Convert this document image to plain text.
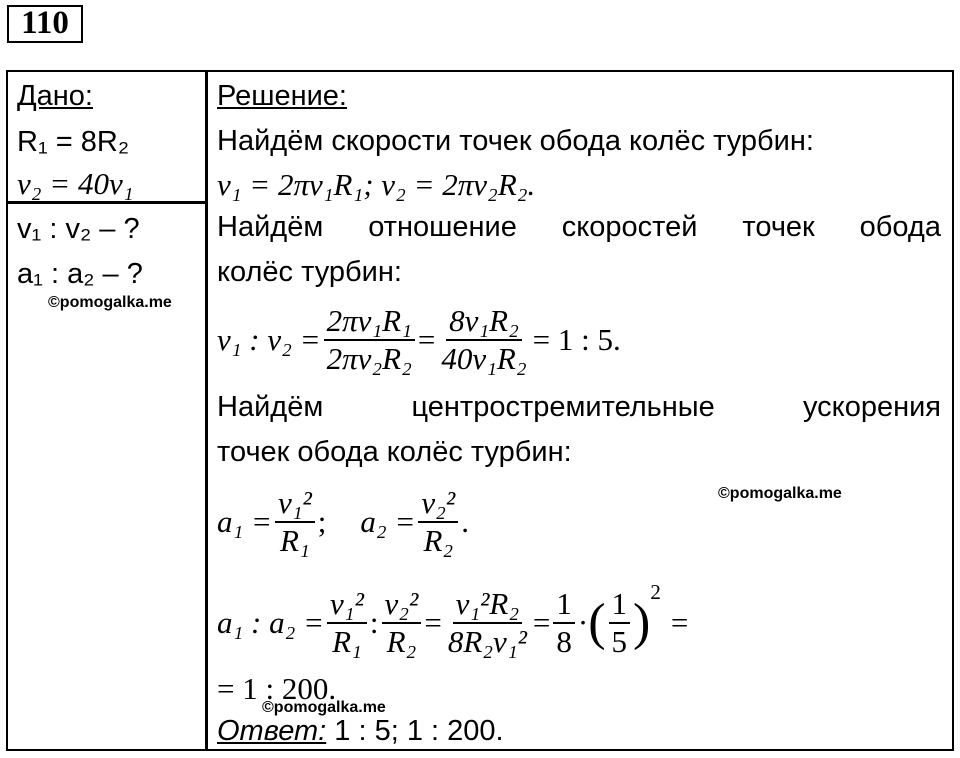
110
Дано:
R₁ = 8R₂
ν₂ = 40ν₁
v₁ : v₂ – ?
a₁ : a₂ – ?
©pomogalka.me
Решение:
Найдём скорости точек обода колёс турбин:
v₁ = 2πν₁R₁; v₂ = 2πν₂R₂.
Найдём отношение скоростей точек обода
колёс турбин:
v₁ : $v_2 = \frac{\text{2πν₁R₁}}{\text{2πν₂R₂}} = \frac{\text{8ν₁R₂}}{\text{40ν₁R₂}} = 1$ : 5.
Найдём	центростремительные	ускорения
точек обода колёс турбин:
$a_1 = \frac{\text{v₁²}}{\text{R₁}}$ ; $a_2 = \frac{\text{v₂²}}{\text{R₂}}$ .
©pomogalka.me
a₁ : $a_2 = \frac{\text{v₁²}}{\text{R₁}}$ : $\frac{\text{v₂²}}{\text{R₂}} = \frac{\text{v₁²R₂}}{\text{8R₂v₁²}} = \frac{1}{8}$ · ( $\frac{1}{5}$ )
2
=
= 1 : 200.
©pomogalka.me
Ответ: 1 : 5; 1 : 200.
